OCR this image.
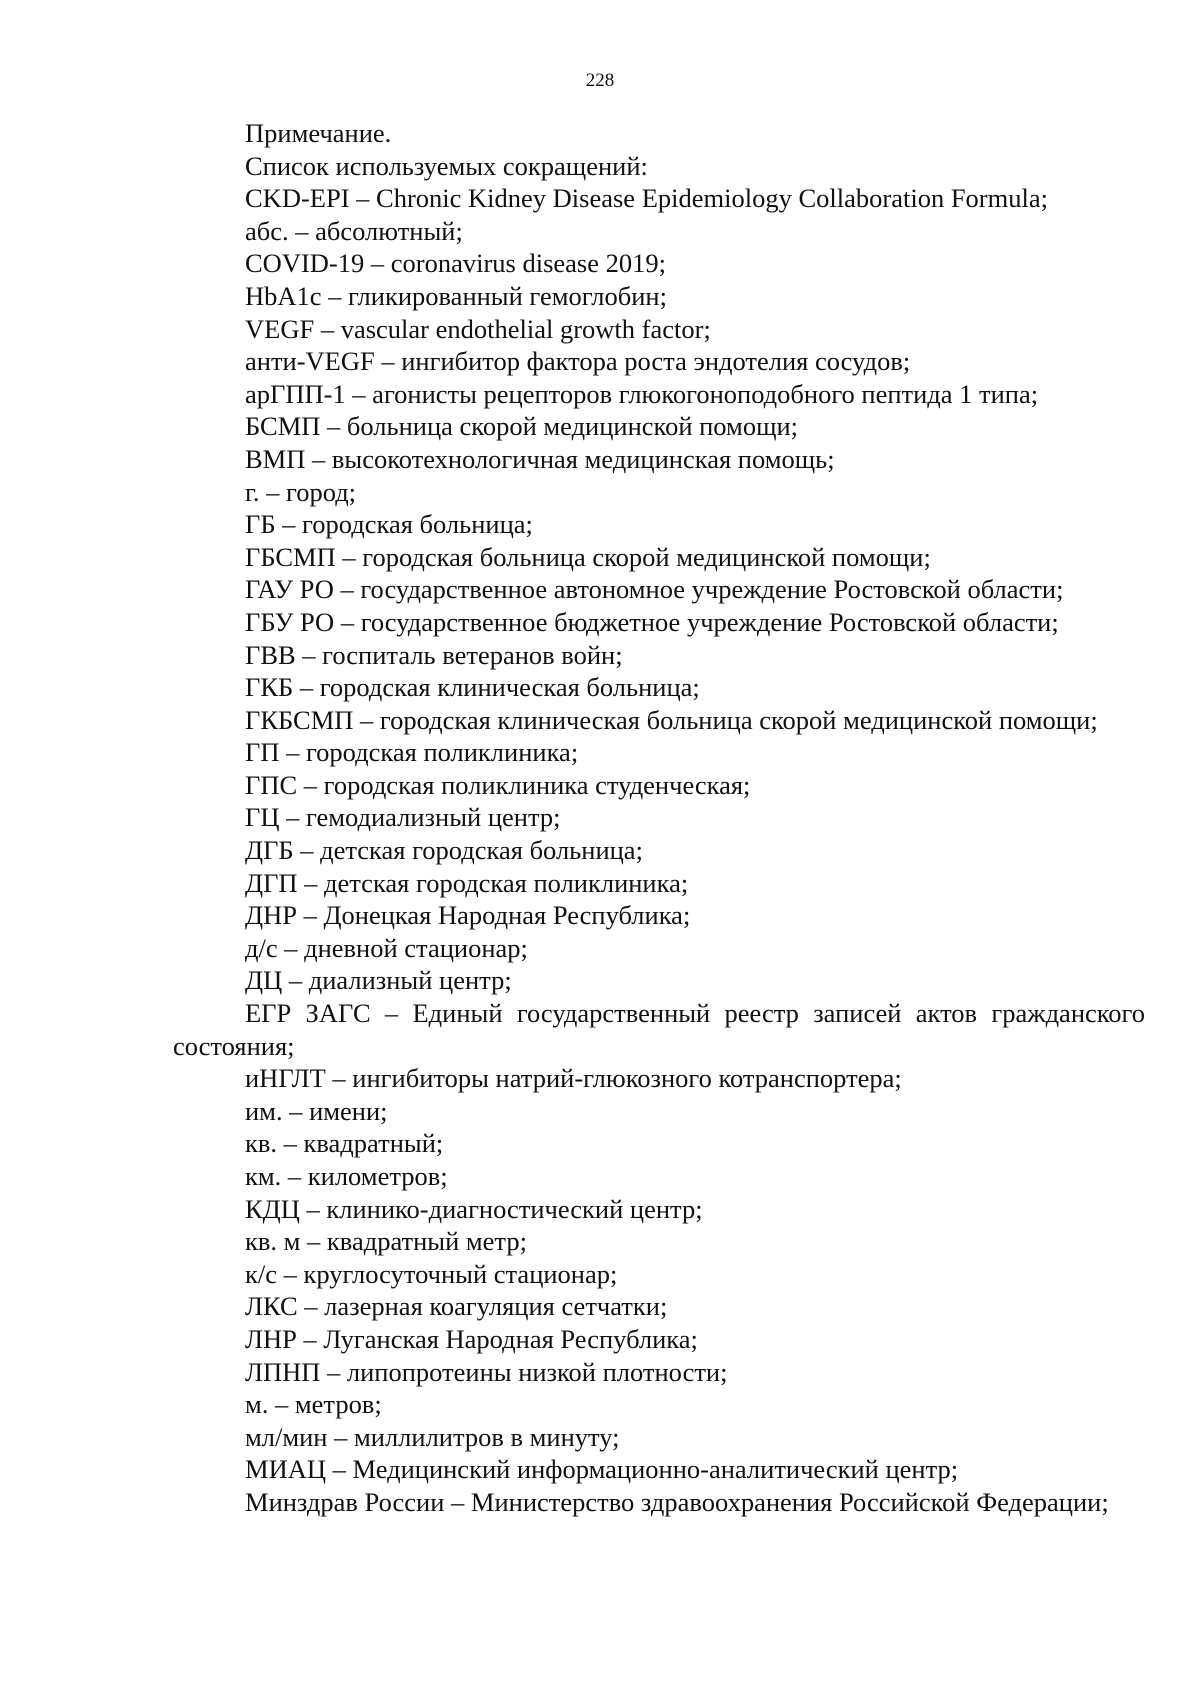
228
Примечание.
Список используемых сокращений:
CKD-EPI – Chronic Kidney Disease Epidemiology Collaboration Formula;
абс. – абсолютный;
COVID-19 – coronavirus disease 2019;
HbA1c – гликированный гемоглобин;
VEGF – vascular endothelial growth factor;
анти-VEGF – ингибитор фактора роста эндотелия сосудов;
арГПП-1 – агонисты рецепторов глюкогоноподобного пептида 1 типа;
БСМП – больница скорой медицинской помощи;
ВМП – высокотехнологичная медицинская помощь;
г. – город;
ГБ – городская больница;
ГБСМП – городская больница скорой медицинской помощи;
ГАУ РО – государственное автономное учреждение Ростовской области;
ГБУ РО – государственное бюджетное учреждение Ростовской области;
ГВВ – госпиталь ветеранов войн;
ГКБ – городская клиническая больница;
ГКБСМП – городская клиническая больница скорой медицинской помощи;
ГП – городская поликлиника;
ГПС – городская поликлиника студенческая;
ГЦ – гемодиализный центр;
ДГБ – детская городская больница;
ДГП – детская городская поликлиника;
ДНР – Донецкая Народная Республика;
д/с – дневной стационар;
ДЦ – диализный центр;
ЕГР ЗАГС – Единый государственный реестр записей актов гражданского состояния;
иНГЛТ – ингибиторы натрий-глюкозного котранспортера;
им. – имени;
кв. – квадратный;
км. – километров;
КДЦ – клинико-диагностический центр;
кв. м – квадратный метр;
к/с – круглосуточный стационар;
ЛКС – лазерная коагуляция сетчатки;
ЛНР – Луганская Народная Республика;
ЛПНП – липопротеины низкой плотности;
м. – метров;
мл/мин – миллилитров в минуту;
МИАЦ – Медицинский информационно-аналитический центр;
Минздрав России – Министерство здравоохранения Российской Федерации;
